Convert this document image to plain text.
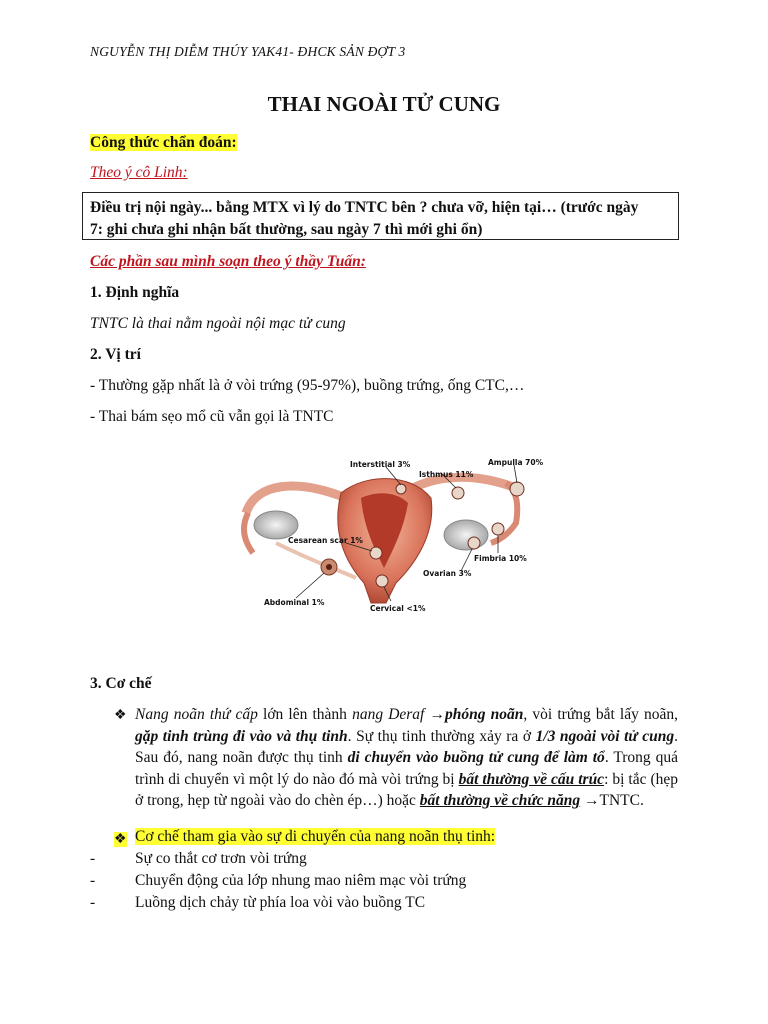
NGUYỄN THỊ DIỄM THÚY YAK41- ĐHCK SẢN ĐỢT 3
THAI NGOÀI TỬ CUNG
Công thức chẩn đoán:
Theo ý cô Linh:
Điều trị nội ngày... bằng MTX vì lý do TNTC bên ? chưa vỡ, hiện tại… (trước ngày
7: ghi chưa ghi nhận bất thường, sau ngày 7 thì mới ghi ổn)
Các phần sau mình soạn theo ý thầy Tuấn:
1. Định nghĩa
TNTC là thai nằm ngoài nội mạc tử cung
2. Vị trí
- Thường gặp nhất là ở vòi trứng (95-97%), buồng trứng, ống CTC,…
- Thai bám sẹo mổ cũ vẫn gọi là TNTC
Interstitial 3%
Isthmus 11%
Ampulla 70%
Cesarean scar 1%
Fimbria 10%
Ovarian 3%
Abdominal 1%
Cervical <1%
3. Cơ chế
❖ Nang noãn thứ cấp lớn lên thành nang Deraf →phóng noãn, vòi trứng bắt lấy noãn, gặp tinh trùng đi vào và thụ tinh. Sự thụ tinh thường xảy ra ở 1/3 ngoài vòi tử cung. Sau đó, nang noãn được thụ tinh di chuyển vào buồng tử cung để làm tổ. Trong quá trình di chuyển vì một lý do nào đó mà vòi trứng bị bất thường về cấu trúc: bị tắc (hẹp ở trong, hẹp từ ngoài vào do chèn ép…) hoặc bất thường về chức năng →TNTC.
❖ Cơ chế tham gia vào sự di chuyển của nang noãn thụ tinh:
-	Sự co thắt cơ trơn vòi trứng
-	Chuyển động của lớp nhung mao niêm mạc vòi trứng
-	Luồng dịch chảy từ phía loa vòi vào buồng TC
